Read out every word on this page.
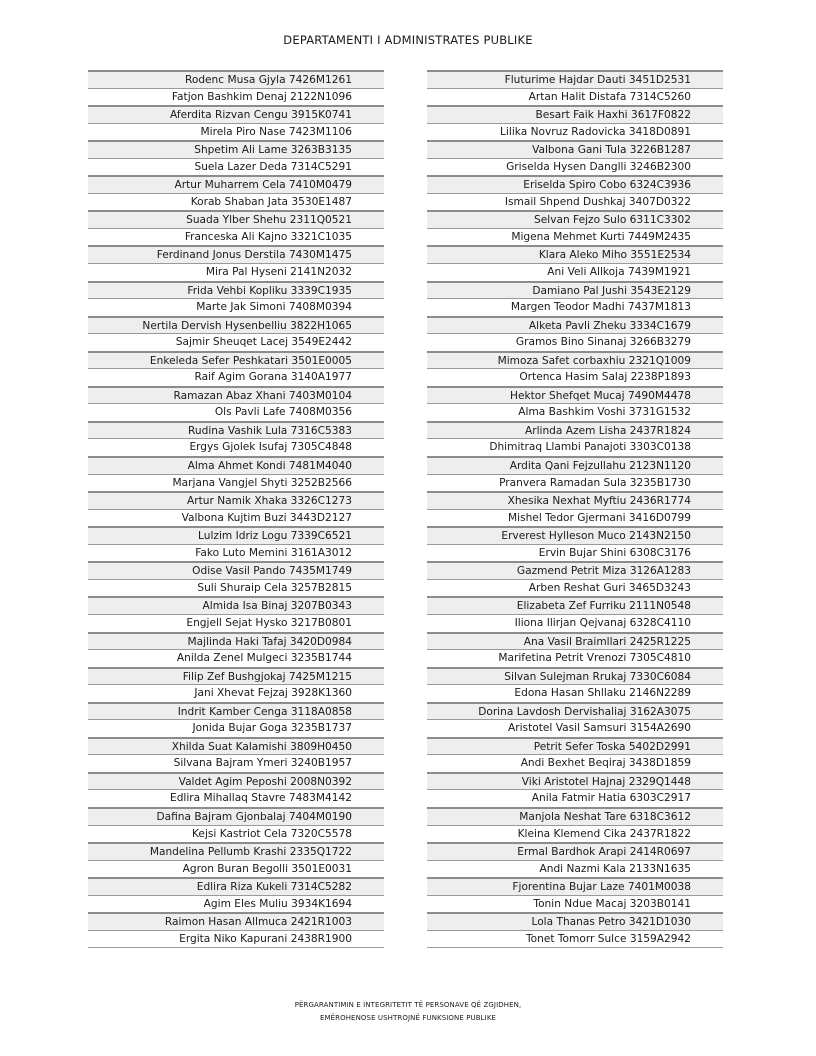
DEPARTAMENTI I ADMINISTRATES PUBLIKE
Rodenc Musa Gjyla 7426M1261
Fatjon Bashkim Denaj 2122N1096
Aferdita Rizvan Cengu 3915K0741
Mirela Piro Nase 7423M1106
Shpetim Ali Lame 3263B3135
Suela Lazer Deda 7314C5291
Artur Muharrem Cela 7410M0479
Korab Shaban Jata 3530E1487
Suada Ylber Shehu 2311Q0521
Franceska Ali Kajno 3321C1035
Ferdinand Jonus Derstila 7430M1475
Mira Pal Hyseni 2141N2032
Frida Vehbi Kopliku 3339C1935
Marte Jak Simoni 7408M0394
Nertila Dervish Hysenbelliu 3822H1065
Sajmir Sheuqet Lacej 3549E2442
Enkeleda Sefer Peshkatari 3501E0005
Raif Agim Gorana 3140A1977
Ramazan Abaz Xhani 7403M0104
Ols Pavli Lafe 7408M0356
Rudina Vashik Lula 7316C5383
Ergys Gjolek Isufaj 7305C4848
Alma Ahmet Kondi 7481M4040
Marjana Vangjel Shyti 3252B2566
Artur Namik Xhaka 3326C1273
Valbona Kujtim Buzi 3443D2127
Lulzim Idriz Logu 7339C6521
Fako Luto Memini 3161A3012
Odise Vasil Pando 7435M1749
Suli Shuraip Cela 3257B2815
Almida Isa Binaj 3207B0343
Engjell Sejat Hysko 3217B0801
Majlinda Haki Tafaj 3420D0984
Anilda Zenel Mulgeci 3235B1744
Filip Zef Bushgjokaj 7425M1215
Jani Xhevat Fejzaj 3928K1360
Indrit Kamber Cenga 3118A0858
Jonida Bujar Goga 3235B1737
Xhilda Suat Kalamishi 3809H0450
Silvana Bajram Ymeri 3240B1957
Valdet Agim Peposhi 2008N0392
Edlira Mihallaq Stavre 7483M4142
Dafina Bajram Gjonbalaj 7404M0190
Kejsi Kastriot Cela 7320C5578
Mandelina Pellumb Krashi 2335Q1722
Agron Buran Begolli 3501E0031
Edlira Riza Kukeli 7314C5282
Agim Eles Muliu 3934K1694
Raimon Hasan Allmuca 2421R1003
Ergita Niko Kapurani 2438R1900
Fluturime Hajdar Dauti 3451D2531
Artan Halit Distafa 7314C5260
Besart Faik Haxhi 3617F0822
Lilika Novruz Radovicka 3418D0891
Valbona Gani Tula 3226B1287
Griselda Hysen Danglli 3246B2300
Eriselda Spiro Cobo 6324C3936
Ismail Shpend Dushkaj 3407D0322
Selvan Fejzo Sulo 6311C3302
Migena Mehmet Kurti 7449M2435
Klara Aleko Miho 3551E2534
Ani Veli Allkoja 7439M1921
Damiano Pal Jushi 3543E2129
Margen Teodor Madhi 7437M1813
Alketa Pavli Zheku 3334C1679
Gramos Bino Sinanaj 3266B3279
Mimoza Safet corbaxhiu 2321Q1009
Ortenca Hasim Salaj 2238P1893
Hektor Shefqet Mucaj 7490M4478
Alma Bashkim Voshi 3731G1532
Arlinda Azem Lisha 2437R1824
Dhimitraq Llambi Panajoti 3303C0138
Ardita Qani Fejzullahu 2123N1120
Pranvera Ramadan Sula 3235B1730
Xhesika Nexhat Myftiu 2436R1774
Mishel Tedor Gjermani 3416D0799
Erverest Hylleson Muco 2143N2150
Ervin Bujar Shini 6308C3176
Gazmend Petrit Miza 3126A1283
Arben Reshat Guri 3465D3243
Elizabeta Zef Furriku 2111N0548
Iliona Ilirjan Qejvanaj 6328C4110
Ana Vasil Braimllari 2425R1225
Marifetina Petrit Vrenozi 7305C4810
Silvan Sulejman Rrukaj 7330C6084
Edona Hasan Shllaku 2146N2289
Dorina Lavdosh Dervishaliaj 3162A3075
Aristotel Vasil Samsuri 3154A2690
Petrit Sefer Toska 5402D2991
Andi Bexhet Beqiraj 3438D1859
Viki Aristotel Hajnaj 2329Q1448
Anila Fatmir Hatia 6303C2917
Manjola Neshat Tare 6318C3612
Kleina Klemend Cika 2437R1822
Ermal Bardhok Arapi 2414R0697
Andi Nazmi Kala 2133N1635
Fjorentina Bujar Laze 7401M0038
Tonin Ndue Macaj 3203B0141
Lola Thanas Petro 3421D1030
Tonet Tomorr Sulce 3159A2942
PËRGARANTIMIN E INTEGRITETIT TË PERSONAVE QË ZGJIDHEN,
EMËROHENOSE USHTROJNË FUNKSIONE PUBLIKE
